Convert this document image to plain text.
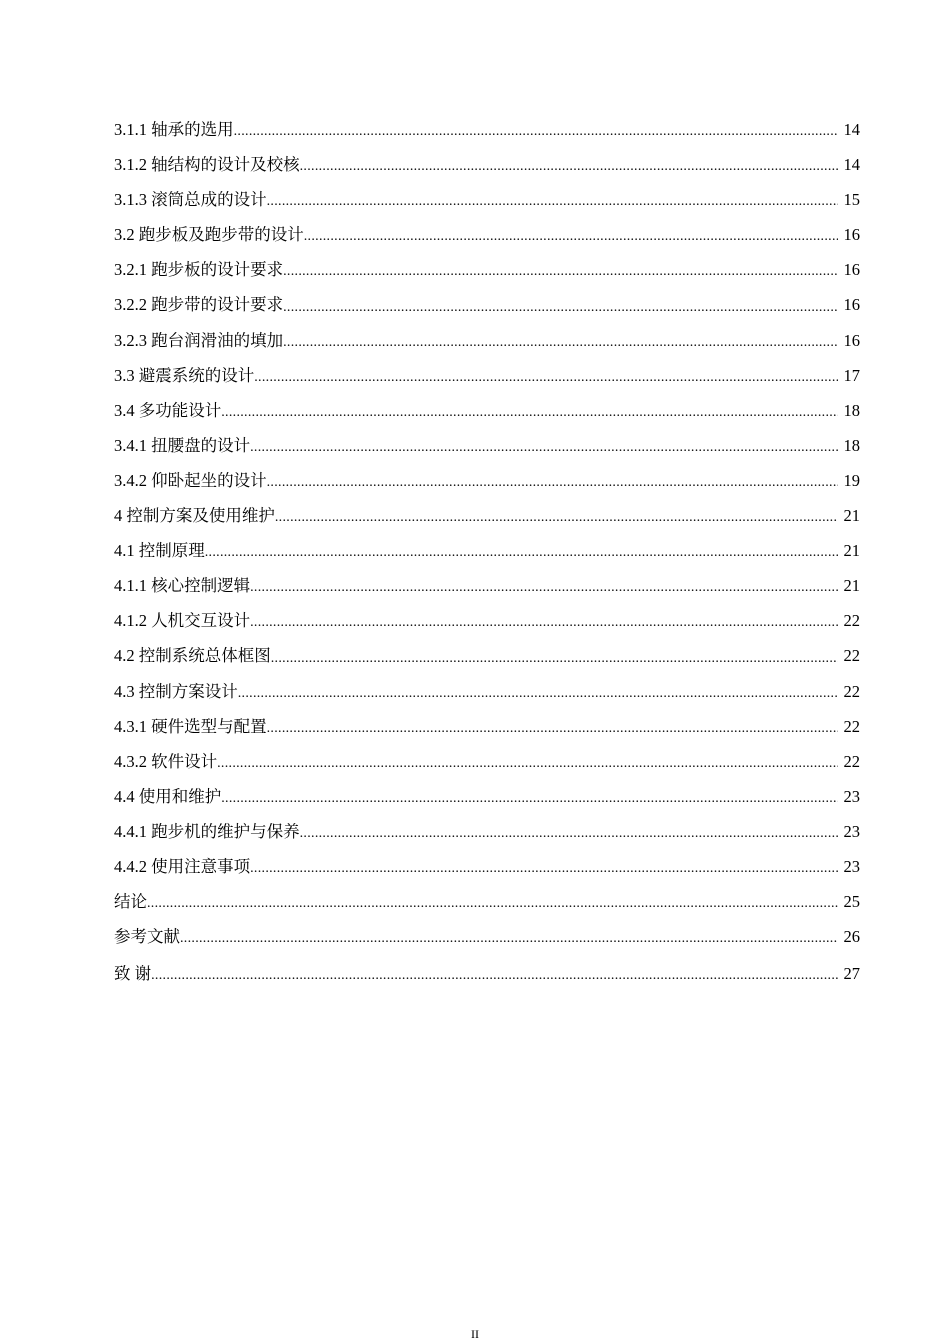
3.1.1 轴承的选用 .....	14
3.1.2 轴结构的设计及校核 .....	14
3.1.3 滚筒总成的设计 .....	15
3.2 跑步板及跑步带的设计 .....	16
3.2.1 跑步板的设计要求 .....	16
3.2.2 跑步带的设计要求 .....	16
3.2.3 跑台润滑油的填加 .....	16
3.3 避震系统的设计 .....	17
3.4 多功能设计 .....	18
3.4.1 扭腰盘的设计 .....	18
3.4.2 仰卧起坐的设计 .....	19
4 控制方案及使用维护 .....	21
4.1 控制原理 .....	21
4.1.1 核心控制逻辑 .....	21
4.1.2 人机交互设计 .....	22
4.2 控制系统总体框图 .....	22
4.3 控制方案设计 .....	22
4.3.1 硬件选型与配置 .....	22
4.3.2 软件设计 .....	22
4.4 使用和维护 .....	23
4.4.1 跑步机的维护与保养 .....	23
4.4.2 使用注意事项 .....	23
结论 .....	25
参考文献 .....	26
致 谢 .....	27
II
